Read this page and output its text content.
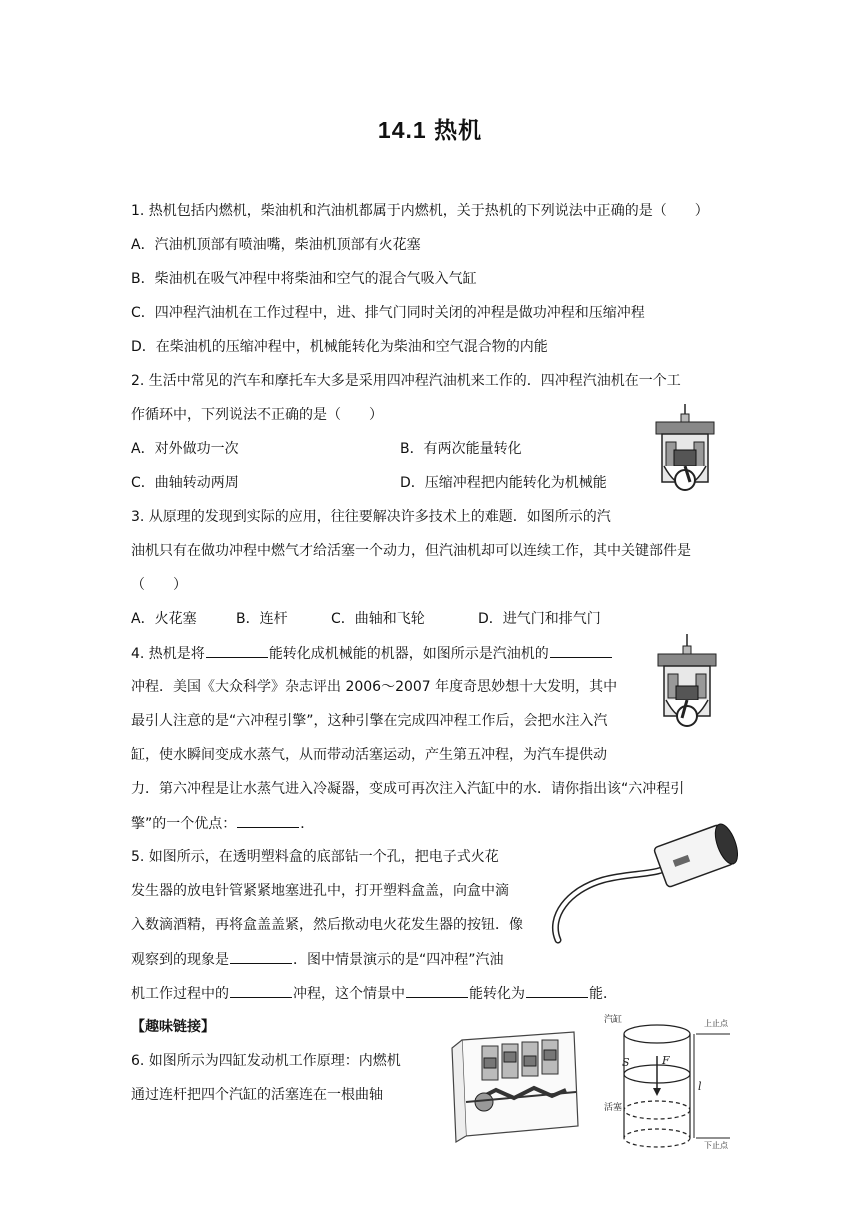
14.1 热机
1. 热机包括内燃机，柴油机和汽油机都属于内燃机，关于热机的下列说法中正确的是（　　）
A．汽油机顶部有喷油嘴，柴油机顶部有火花塞
B．柴油机在吸气冲程中将柴油和空气的混合气吸入气缸
C．四冲程汽油机在工作过程中，进、排气门同时关闭的冲程是做功冲程和压缩冲程
D．在柴油机的压缩冲程中，机械能转化为柴油和空气混合物的内能
2. 生活中常见的汽车和摩托车大多是采用四冲程汽油机来工作的．四冲程汽油机在一个工
作循环中，下列说法不正确的是（　　）
A．对外做功一次	B．有两次能量转化
C．曲轴转动两周	D．压缩冲程把内能转化为机械能
3. 从原理的发现到实际的应用，往往要解决许多技术上的难题．如图所示的汽
油机只有在做功冲程中燃气才给活塞一个动力，但汽油机却可以连续工作，其中关键部件是
（　　）
A．火花塞	B．连杆	C．曲轴和飞轮	D．进气门和排气门
4. 热机是将	能转化成机械能的机器，如图所示是汽油机的
冲程．美国《大众科学》杂志评出 2006～2007 年度奇思妙想十大发明，其中
最引人注意的是“六冲程引擎”，这种引擎在完成四冲程工作后，会把水注入汽
缸，使水瞬间变成水蒸气，从而带动活塞运动，产生第五冲程，为汽车提供动
力．第六冲程是让水蒸气进入冷凝器，变成可再次注入汽缸中的水．请你指出该“六冲程引
擎”的一个优点：	．
5. 如图所示，在透明塑料盒的底部钻一个孔，把电子式火花
发生器的放电针管紧紧地塞进孔中，打开塑料盒盖，向盒中滴
入数滴酒精，再将盒盖盖紧，然后揿动电火花发生器的按钮．像
观察到的现象是	．图中情景演示的是“四冲程”汽油
机工作过程中的	冲程，这个情景中	能转化为	能．
【趣味链接】
6. 如图所示为四缸发动机工作原理：内燃机
通过连杆把四个汽缸的活塞连在一根曲轴
汽缸
活塞
上止点
下止点
S	F
l
